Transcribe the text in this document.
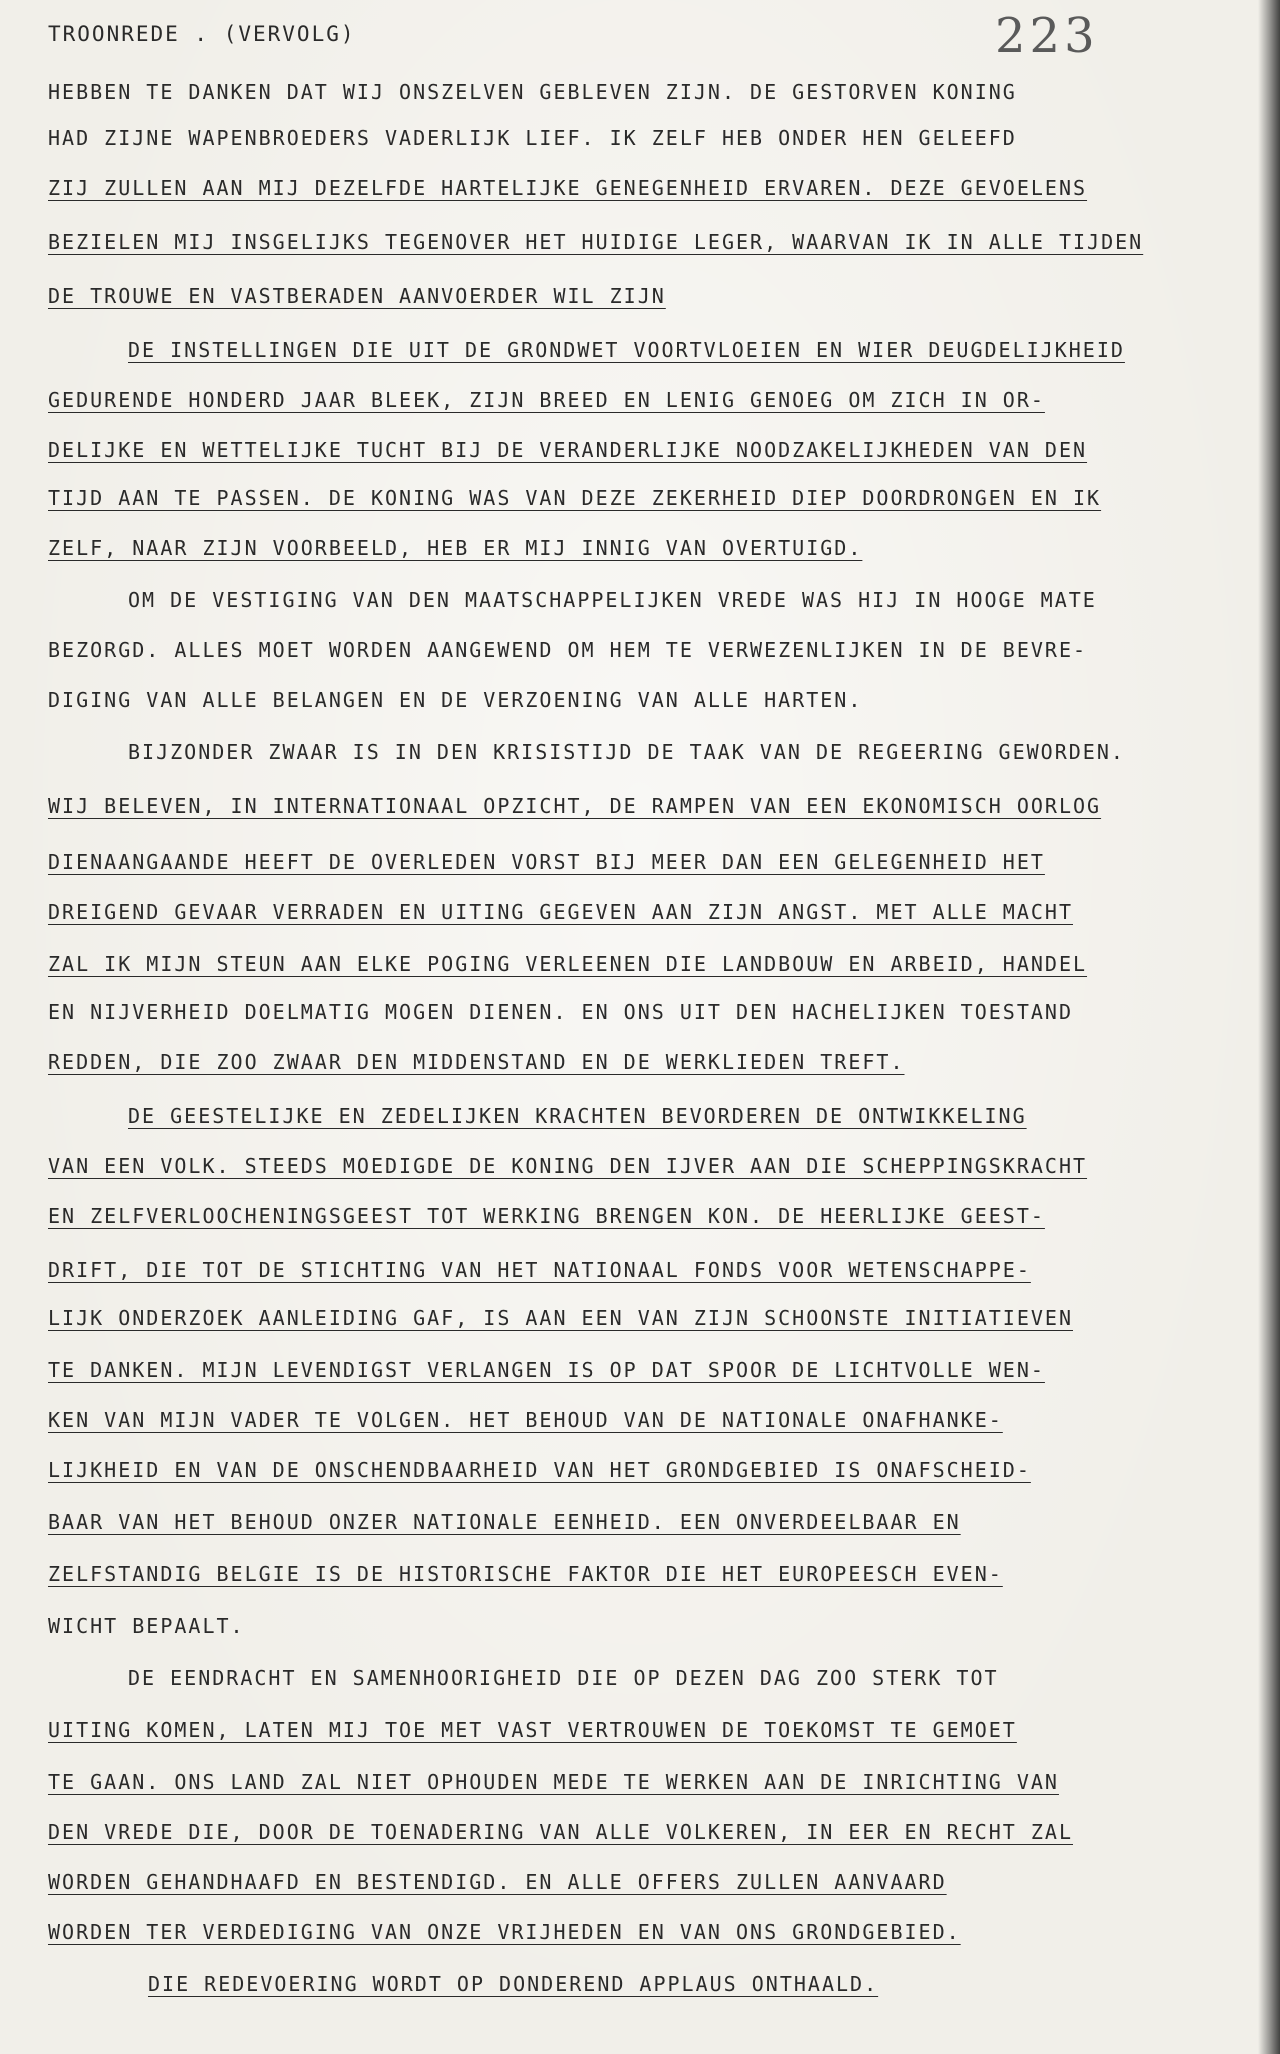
TROONREDE . (VERVOLG)	223
HEBBEN TE DANKEN DAT WIJ ONSZELVEN GEBLEVEN ZIJN. DE GESTORVEN KONING
HAD ZIJNE WAPENBROEDERS VADERLIJK LIEF. IK ZELF HEB ONDER HEN GELEEFD
ZIJ ZULLEN AAN MIJ DEZELFDE HARTELIJKE GENEGENHEID ERVAREN. DEZE GEVOELENS
BEZIELEN MIJ INSGELIJKS TEGENOVER HET HUIDIGE LEGER, WAARVAN IK IN ALLE TIJDEN
DE TROUWE EN VASTBERADEN AANVOERDER WIL ZIJN
DE INSTELLINGEN DIE UIT DE GRONDWET VOORTVLOEIEN EN WIER DEUGDELIJKHEID
GEDURENDE HONDERD JAAR BLEEK, ZIJN BREED EN LENIG GENOEG OM ZICH IN OR-
DELIJKE EN WETTELIJKE TUCHT BIJ DE VERANDERLIJKE NOODZAKELIJKHEDEN VAN DEN
TIJD AAN TE PASSEN. DE KONING WAS VAN DEZE ZEKERHEID DIEP DOORDRONGEN EN IK
ZELF, NAAR ZIJN VOORBEELD, HEB ER MIJ INNIG VAN OVERTUIGD.
OM DE VESTIGING VAN DEN MAATSCHAPPELIJKEN VREDE WAS HIJ IN HOOGE MATE
BEZORGD. ALLES MOET WORDEN AANGEWEND OM HEM TE VERWEZENLIJKEN IN DE BEVRE-
DIGING VAN ALLE BELANGEN EN DE VERZOENING VAN ALLE HARTEN.
BIJZONDER ZWAAR IS IN DEN KRISISTIJD DE TAAK VAN DE REGEERING GEWORDEN.
WIJ BELEVEN, IN INTERNATIONAAL OPZICHT, DE RAMPEN VAN EEN EKONOMISCH OORLOG
DIENAANGAANDE HEEFT DE OVERLEDEN VORST BIJ MEER DAN EEN GELEGENHEID HET
DREIGEND GEVAAR VERRADEN EN UITING GEGEVEN AAN ZIJN ANGST. MET ALLE MACHT
ZAL IK MIJN STEUN AAN ELKE POGING VERLEENEN DIE LANDBOUW EN ARBEID, HANDEL
EN NIJVERHEID DOELMATIG MOGEN DIENEN. EN ONS UIT DEN HACHELIJKEN TOESTAND
REDDEN, DIE ZOO ZWAAR DEN MIDDENSTAND EN DE WERKLIEDEN TREFT.
DE GEESTELIJKE EN ZEDELIJKEN KRACHTEN BEVORDEREN DE ONTWIKKELING
VAN EEN VOLK. STEEDS MOEDIGDE DE KONING DEN IJVER AAN DIE SCHEPPINGSKRACHT
EN ZELFVERLOOCHENINGSGEEST TOT WERKING BRENGEN KON. DE HEERLIJKE GEEST-
DRIFT, DIE TOT DE STICHTING VAN HET NATIONAAL FONDS VOOR WETENSCHAPPE-
LIJK ONDERZOEK AANLEIDING GAF, IS AAN EEN VAN ZIJN SCHOONSTE INITIATIEVEN
TE DANKEN. MIJN LEVENDIGST VERLANGEN IS OP DAT SPOOR DE LICHTVOLLE WEN-
KEN VAN MIJN VADER TE VOLGEN. HET BEHOUD VAN DE NATIONALE ONAFHANKE-
LIJKHEID EN VAN DE ONSCHENDBAARHEID VAN HET GRONDGEBIED IS ONAFSCHEID-
BAAR VAN HET BEHOUD ONZER NATIONALE EENHEID. EEN ONVERDEELBAAR EN
ZELFSTANDIG BELGIE IS DE HISTORISCHE FAKTOR DIE HET EUROPEESCH EVEN-
WICHT BEPAALT.
DE EENDRACHT EN SAMENHOORIGHEID DIE OP DEZEN DAG ZOO STERK TOT
UITING KOMEN, LATEN MIJ TOE MET VAST VERTROUWEN DE TOEKOMST TE GEMOET
TE GAAN. ONS LAND ZAL NIET OPHOUDEN MEDE TE WERKEN AAN DE INRICHTING VAN
DEN VREDE DIE, DOOR DE TOENADERING VAN ALLE VOLKEREN, IN EER EN RECHT ZAL
WORDEN GEHANDHAAFD EN BESTENDIGD. EN ALLE OFFERS ZULLEN AANVAARD
WORDEN TER VERDEDIGING VAN ONZE VRIJHEDEN EN VAN ONS GRONDGEBIED.
DIE REDEVOERING WORDT OP DONDEREND APPLAUS ONTHAALD.
